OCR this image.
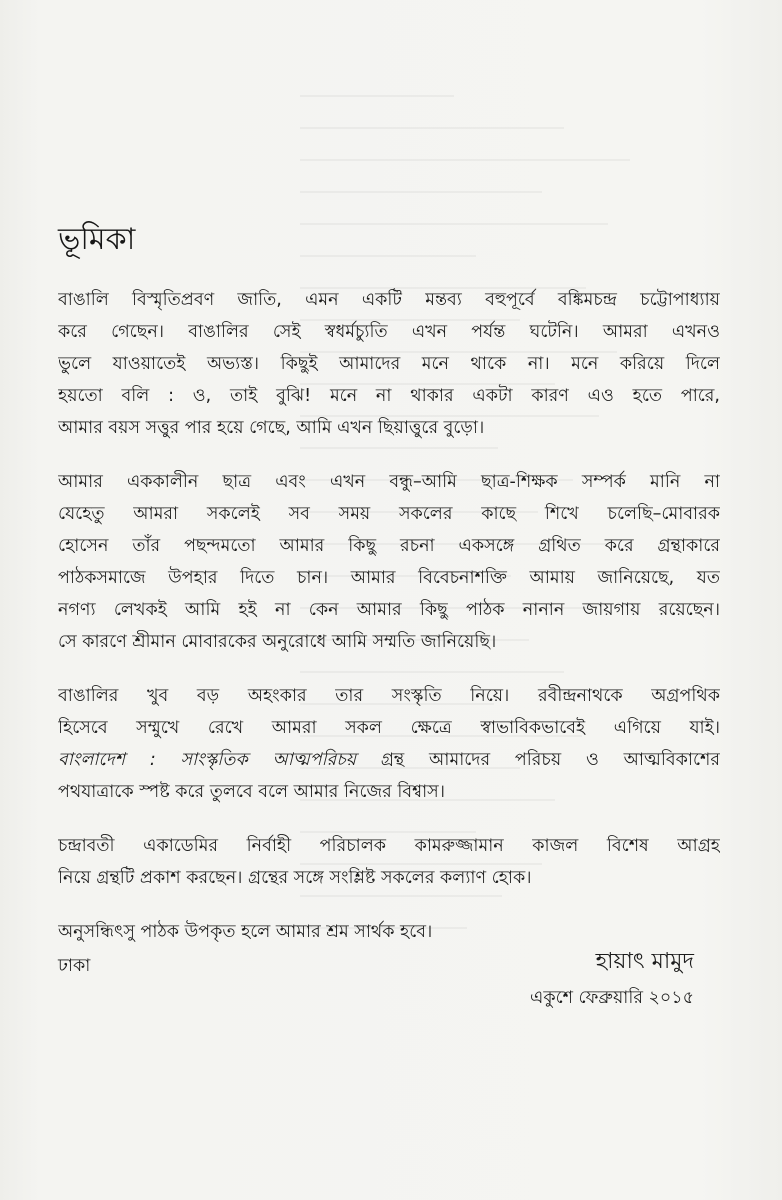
ভূমিকা

বাঙালি বিস্মৃতিপ্রবণ জাতি, এমন একটি মন্তব্য বহুপূর্বে বঙ্কিমচন্দ্র চট্টোপাধ্যায়
করে গেছেন। বাঙালির সেই স্বধর্মচ্যুতি এখন পর্যন্ত ঘটেনি। আমরা এখনও
ভুলে যাওয়াতেই অভ্যস্ত। কিছুই আমাদের মনে থাকে না। মনে করিয়ে দিলে
হয়তো বলি : ও, তাই বুঝি! মনে না থাকার একটা কারণ এও হতে পারে,
আমার বয়স সত্তুর পার হয়ে গেছে, আমি এখন ছিয়াত্তুরে বুড়ো।

আমার এককালীন ছাত্র এবং এখন বন্ধু–আমি ছাত্র-শিক্ষক সম্পর্ক মানি না
যেহেতু আমরা সকলেই সব সময় সকলের কাছে শিখে চলেছি–মোবারক
হোসেন তাঁর পছন্দমতো আমার কিছু রচনা একসঙ্গে গ্রথিত করে গ্রন্থাকারে
পাঠকসমাজে উপহার দিতে চান। আমার বিবেচনাশক্তি আমায় জানিয়েছে, যত
নগণ্য লেখকই আমি হই না কেন আমার কিছু পাঠক নানান জায়গায় রয়েছেন।
সে কারণে শ্রীমান মোবারকের অনুরোধে আমি সম্মতি জানিয়েছি।

বাঙালির খুব বড় অহংকার তার সংস্কৃতি নিয়ে। রবীন্দ্রনাথকে অগ্রপথিক
হিসেবে সম্মুখে রেখে আমরা সকল ক্ষেত্রে স্বাভাবিকভাবেই এগিয়ে যাই।
বাংলাদেশ : সাংস্কৃতিক আত্মপরিচয় গ্রন্থ আমাদের পরিচয় ও আত্মবিকাশের
পথযাত্রাকে স্পষ্ট করে তুলবে বলে আমার নিজের বিশ্বাস।

চন্দ্রাবতী একাডেমির নির্বাহী পরিচালক কামরুজ্জামান কাজল বিশেষ আগ্রহ
নিয়ে গ্রন্থটি প্রকাশ করছেন। গ্রন্থের সঙ্গে সংশ্লিষ্ট সকলের কল্যাণ হোক।

অনুসন্ধিৎসু পাঠক উপকৃত হলে আমার শ্রম সার্থক হবে।

ঢাকা	হায়াৎ মামুদ

একুশে ফেব্রুয়ারি ২০১৫
